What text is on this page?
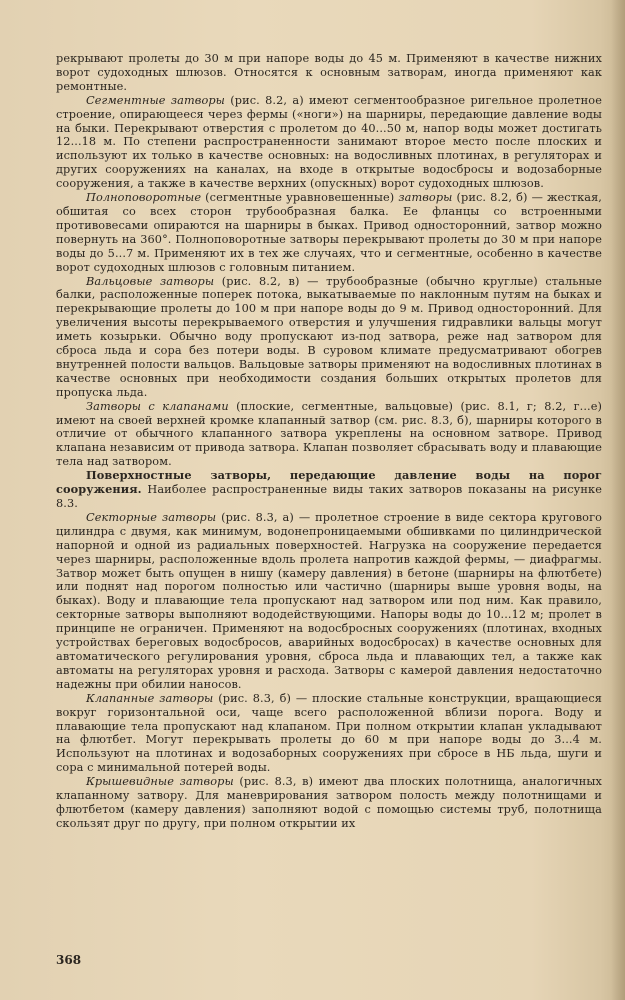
рекрывают пролеты до 30 м при напоре воды до 45 м. Применяют в качестве нижних ворот судоходных шлюзов. Относятся к основным затворам, иногда применяют как ремонтные.

Сегментные затворы (рис. 8.2, а) имеют сегментообразное ригельное пролетное строение, опирающееся через фермы («ноги») на шарниры, передающие давление воды на быки. Перекрывают отверстия с пролетом до 40...50 м, напор воды может достигать 12...18 м. По степени распространенности занимают второе место после плоских и используют их только в качестве основных: на водосливных плотинах, в регуляторах и других сооружениях на каналах, на входе в открытые водосбросы и водозаборные сооружения, а также в качестве верхних (опускных) ворот судоходных шлюзов.

Полноповоротные (сегментные уравновешенные) затворы (рис. 8.2, б) — жесткая, обшитая со всех сторон трубообразная балка. Ее фланцы со встроенными противовесами опираются на шарниры в быках. Привод односторонний, затвор можно повернуть на 360°. Полноповоротные затворы перекрывают пролеты до 30 м при напоре воды до 5...7 м. Применяют их в тех же случаях, что и сегментные, особенно в качестве ворот судоходных шлюзов с головным питанием.

Вальцовые затворы (рис. 8.2, в) — трубообразные (обычно круглые) стальные балки, расположенные поперек потока, выкатываемые по наклонным путям на быках и перекрывающие пролеты до 100 м при напоре воды до 9 м. Привод односторонний. Для увеличения высоты перекрываемого отверстия и улучшения гидравлики вальцы могут иметь козырьки. Обычно воду пропускают из-под затвора, реже над затвором для сброса льда и сора без потери воды. В суровом климате предусматривают обогрев внутренней полости вальцов. Вальцовые затворы применяют на водосливных плотинах в качестве основных при необходимости создания больших открытых пролетов для пропуска льда.

Затворы с клапанами (плоские, сегментные, вальцовые) (рис. 8.1, г; 8.2, г...е) имеют на своей верхней кромке клапанный затвор (см. рис. 8.3, б), шарниры которого в отличие от обычного клапанного затвора укреплены на основном затворе. Привод клапана независим от привода затвора. Клапан позволяет сбрасывать воду и плавающие тела над затвором.

Поверхностные затворы, передающие давление воды на порог сооружения. Наиболее распространенные виды таких затворов показаны на рисунке 8.3.

Секторные затворы (рис. 8.3, а) — пролетное строение в виде сектора кругового цилиндра с двумя, как минимум, водонепроницаемыми обшивками по цилиндрической напорной и одной из радиальных поверхностей. Нагрузка на сооружение передается через шарниры, расположенные вдоль пролета напротив каждой фермы, — диафрагмы. Затвор может быть опущен в нишу (камеру давления) в бетоне (шарниры на флютбете) или поднят над порогом полностью или частично (шарниры выше уровня воды, на быках). Воду и плавающие тела пропускают над затвором или под ним. Как правило, секторные затворы выполняют вододействующими. Напоры воды до 10...12 м; пролет в принципе не ограничен. Применяют на водосбросных сооружениях (плотинах, входных устройствах береговых водосбросов, аварийных водосбросах) в качестве основных для автоматического регулирования уровня, сброса льда и плавающих тел, а также как автоматы на регуляторах уровня и расхода. Затворы с камерой давления недостаточно надежны при обилии наносов.

Клапанные затворы (рис. 8.3, б) — плоские стальные конструкции, вращающиеся вокруг горизонтальной оси, чаще всего расположенной вблизи порога. Воду и плавающие тела пропускают над клапаном. При полном открытии клапан укладывают на флютбет. Могут перекрывать пролеты до 60 м при напоре воды до 3...4 м. Используют на плотинах и водозаборных сооружениях при сбросе в НБ льда, шуги и сора с минимальной потерей воды.

Крышевидные затворы (рис. 8.3, в) имеют два плоских полотнища, аналогичных клапанному затвору. Для маневрирования затвором полость между полотнищами и флютбетом (камеру давления) заполняют водой с помощью системы труб, полотнища скользят друг по другу, при полном открытии их

368
